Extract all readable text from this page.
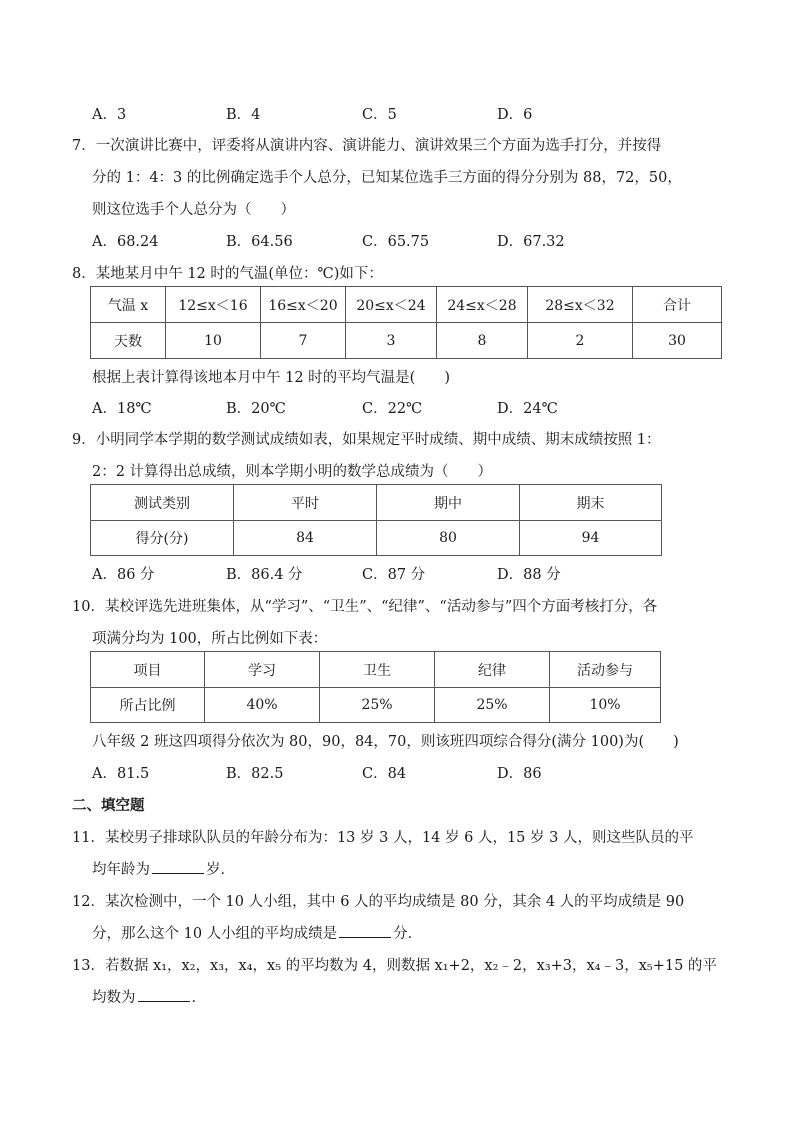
A．3	B．4	C．5	D．6
7．一次演讲比赛中，评委将从演讲内容、演讲能力、演讲效果三个方面为选手打分，并按得
分的 1：4：3 的比例确定选手个人总分，已知某位选手三方面的得分分别为 88，72，50，
则这位选手个人总分为（　　）
A．68.24	B．64.56	C．65.75	D．67.32
8．某地某月中午 12 时的气温(单位：℃)如下：
气温 x	12≤x＜16	16≤x＜20	20≤x＜24	24≤x＜28	28≤x＜32	合计
天数	10	7	3	8	2	30
根据上表计算得该地本月中午 12 时的平均气温是(　　)
A．18℃	B．20℃	C．22℃	D．24℃
9．小明同学本学期的数学测试成绩如表，如果规定平时成绩、期中成绩、期末成绩按照 1：
2：2 计算得出总成绩，则本学期小明的数学总成绩为（　　）
测试类别	平时	期中	期末
得分(分)	84	80	94
A．86 分	B．86.4 分	C．87 分	D．88 分
10．某校评选先进班集体，从“学习”、“卫生”、“纪律”、“活动参与”四个方面考核打分，各
项满分均为 100，所占比例如下表：
项目	学习	卫生	纪律	活动参与
所占比例	40%	25%	25%	10%
八年级 2 班这四项得分依次为 80，90，84，70，则该班四项综合得分(满分 100)为(　　)
A．81.5	B．82.5	C．84	D．86
二、填空题
11．某校男子排球队队员的年龄分布为：13 岁 3 人，14 岁 6 人，15 岁 3 人，则这些队员的平
均年龄为	岁．
12．某次检测中，一个 10 人小组，其中 6 人的平均成绩是 80 分，其余 4 人的平均成绩是 90
分，那么这个 10 人小组的平均成绩是	分．
13．若数据 x₁，x₂，x₃，x₄，x₅ 的平均数为 4，则数据 x₁+2，x₂﹣2，x₃+3，x₄﹣3，x₅+15 的平
均数为	．
